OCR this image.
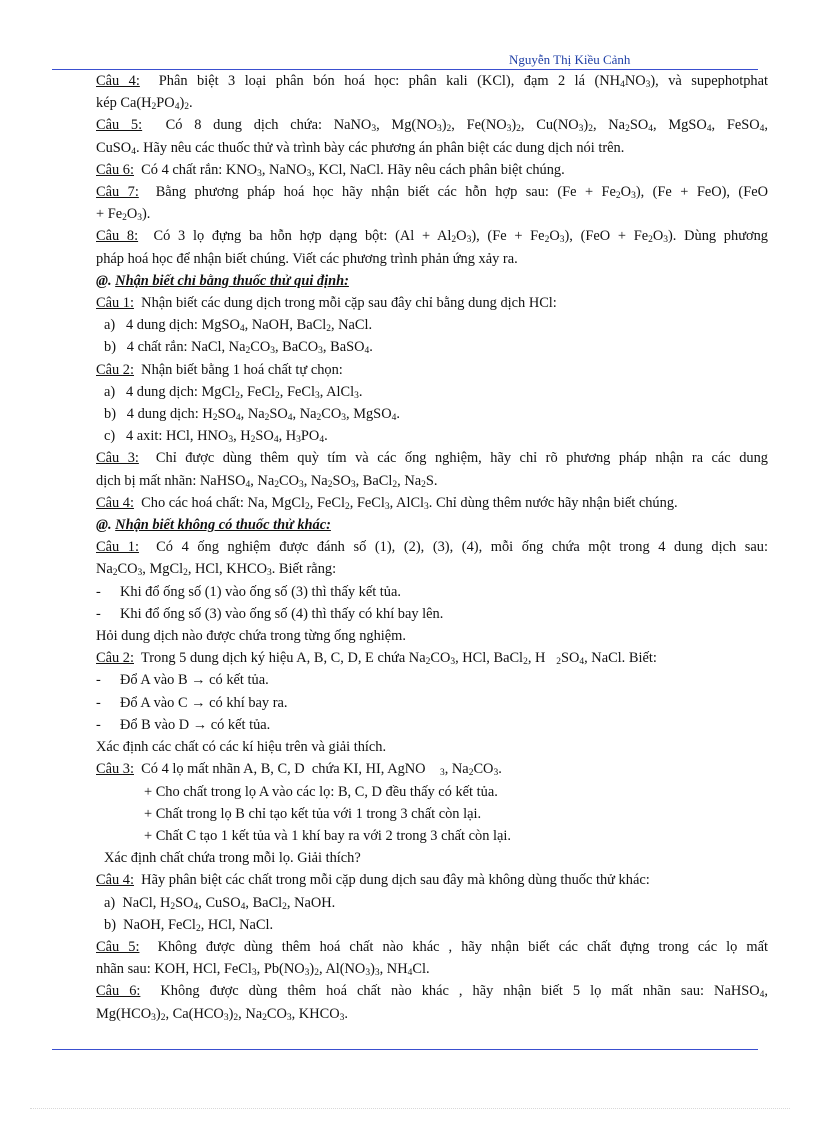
Nguyễn Thị Kiều Cảnh
Câu 4:  Phân biệt 3 loại phân bón hoá học: phân kali (KCl), đạm 2 lá $(NH_4NO_3)$, và supephotphat
kép $Ca(H_2PO_4)_2$.
Câu 5:  Có 8 dung dịch chứa: NaNO$_3$, $Mg(NO_3)_2$, $Fe(NO_3)_2$, $Cu(NO_3)_2$, $Na_2SO_4$, MgSO$_4$, FeSO$_4$,
CuSO$_4$. Hãy nêu các thuốc thử và trình bày các phương án phân biệt các dung dịch nói trên.
Câu 6:  Có 4 chất rắn: $KNO_3$, NaNO$_3$, KCl, NaCl. Hãy nêu cách phân biệt chúng.
Câu 7:  Bằng phương pháp hoá học hãy nhận biết các hỗn hợp sau: $(Fe + Fe_2O_3)$, (Fe + FeO), (FeO
+ $Fe_2O_3$).
Câu 8:  Có 3 lọ đựng ba hỗn hợp dạng bột: $(Al + Al_2O_3)$, $(Fe + Fe_2O_3)$, $(FeO + Fe_2O_3)$. Dùng phương
pháp hoá học để nhận biết chúng. Viết các phương trình phản ứng xảy ra.
@. Nhận biết chỉ bằng thuốc thử qui định:
Câu 1:  Nhận biết các dung dịch trong mỗi cặp sau đây chỉ bằng dung dịch HCl:
a)   4 dung dịch: MgSO$_4$, NaOH, BaCl$_2$, NaCl.
b)   4 chất rắn: NaCl, $Na_2CO_3$, BaCO$_3$, BaSO$_4$.
Câu 2:  Nhận biết bằng 1 hoá chất tự chọn:
a)   4 dung dịch: MgCl$_2$, FeCl$_2$, FeCl$_3$, AlCl$_3$.
b)   4 dung dịch: $H_2SO_4$, $Na_2SO_4$, $Na_2CO_3$, MgSO$_4$.
c)   4 axit: HCl, $HNO_3$, $H_2SO_4$, $H_3PO_4$.
Câu 3:  Chỉ được dùng thêm quỳ tím và các ống nghiệm, hãy chỉ rõ phương pháp nhận ra các dung
dịch bị mất nhãn: NaHSO$_4$, $Na_2CO_3$, $Na_2SO_3$, BaCl$_2$, $Na_2S$.
Câu 4:  Cho các hoá chất: Na, MgCl$_2$, FeCl$_2$, FeCl$_3$, AlCl$_3$. Chỉ dùng thêm nước hãy nhận biết chúng.
@. Nhận biết không có thuốc thử khác:
Câu 1:  Có 4 ống nghiệm được đánh số (1), (2), (3), (4), mỗi ống chứa một trong 4 dung dịch sau:
$Na_2CO_3$, MgCl$_2$, HCl, $KHCO_3$. Biết rằng:
- Khi đổ ống số (1) vào ống số (3) thì thấy kết tủa.
- Khi đổ ống số (3) vào ống số (4) thì thấy có khí bay lên.
Hỏi dung dịch nào được chứa trong từng ống nghiệm.
Câu 2:  Trong 5 dung dịch ký hiệu A, B, C, D, E chứa $Na_2CO_3$, HCl, BaCl$_2$, H   $_2SO_4$, NaCl. Biết:
- Đổ A vào B → có kết tủa.
- Đổ A vào C → có khí bay ra.
- Đổ B vào D → có kết tủa.
Xác định các chất có các kí hiệu trên và giải thích.
Câu 3:  Có 4 lọ mất nhãn A, B, C, D  chứa KI, HI, AgNO    $_3$, $Na_2CO_3$.
+ Cho chất trong lọ A vào các lọ: B, C, D đều thấy có kết tủa.
+ Chất trong lọ B chỉ tạo kết tủa với 1 trong 3 chất còn lại.
+ Chất C tạo 1 kết tủa và 1 khí bay ra với 2 trong 3 chất còn lại.
Xác định chất chứa trong mỗi lọ. Giải thích?
Câu 4:  Hãy phân biệt các chất trong mỗi cặp dung dịch sau đây mà không dùng thuốc thử khác:
a)  NaCl, $H_2SO_4$, CuSO$_4$, BaCl$_2$, NaOH.
b)  NaOH, FeCl$_2$, HCl, NaCl.
Câu 5:  Không được dùng thêm hoá chất nào khác , hãy nhận biết các chất đựng trong các lọ mất
nhãn sau: KOH, HCl, FeCl$_3$, $Pb(NO_3)_2$, $Al(NO_3)_3$, $NH_4Cl$.
Câu 6:  Không được dùng thêm hoá chất nào khác , hãy nhận biết 5 lọ mất nhãn sau: NaHSO$_4$,
$Mg(HCO_3)_2$, $Ca(HCO_3)_2$, $Na_2CO_3$, $KHCO_3$.
